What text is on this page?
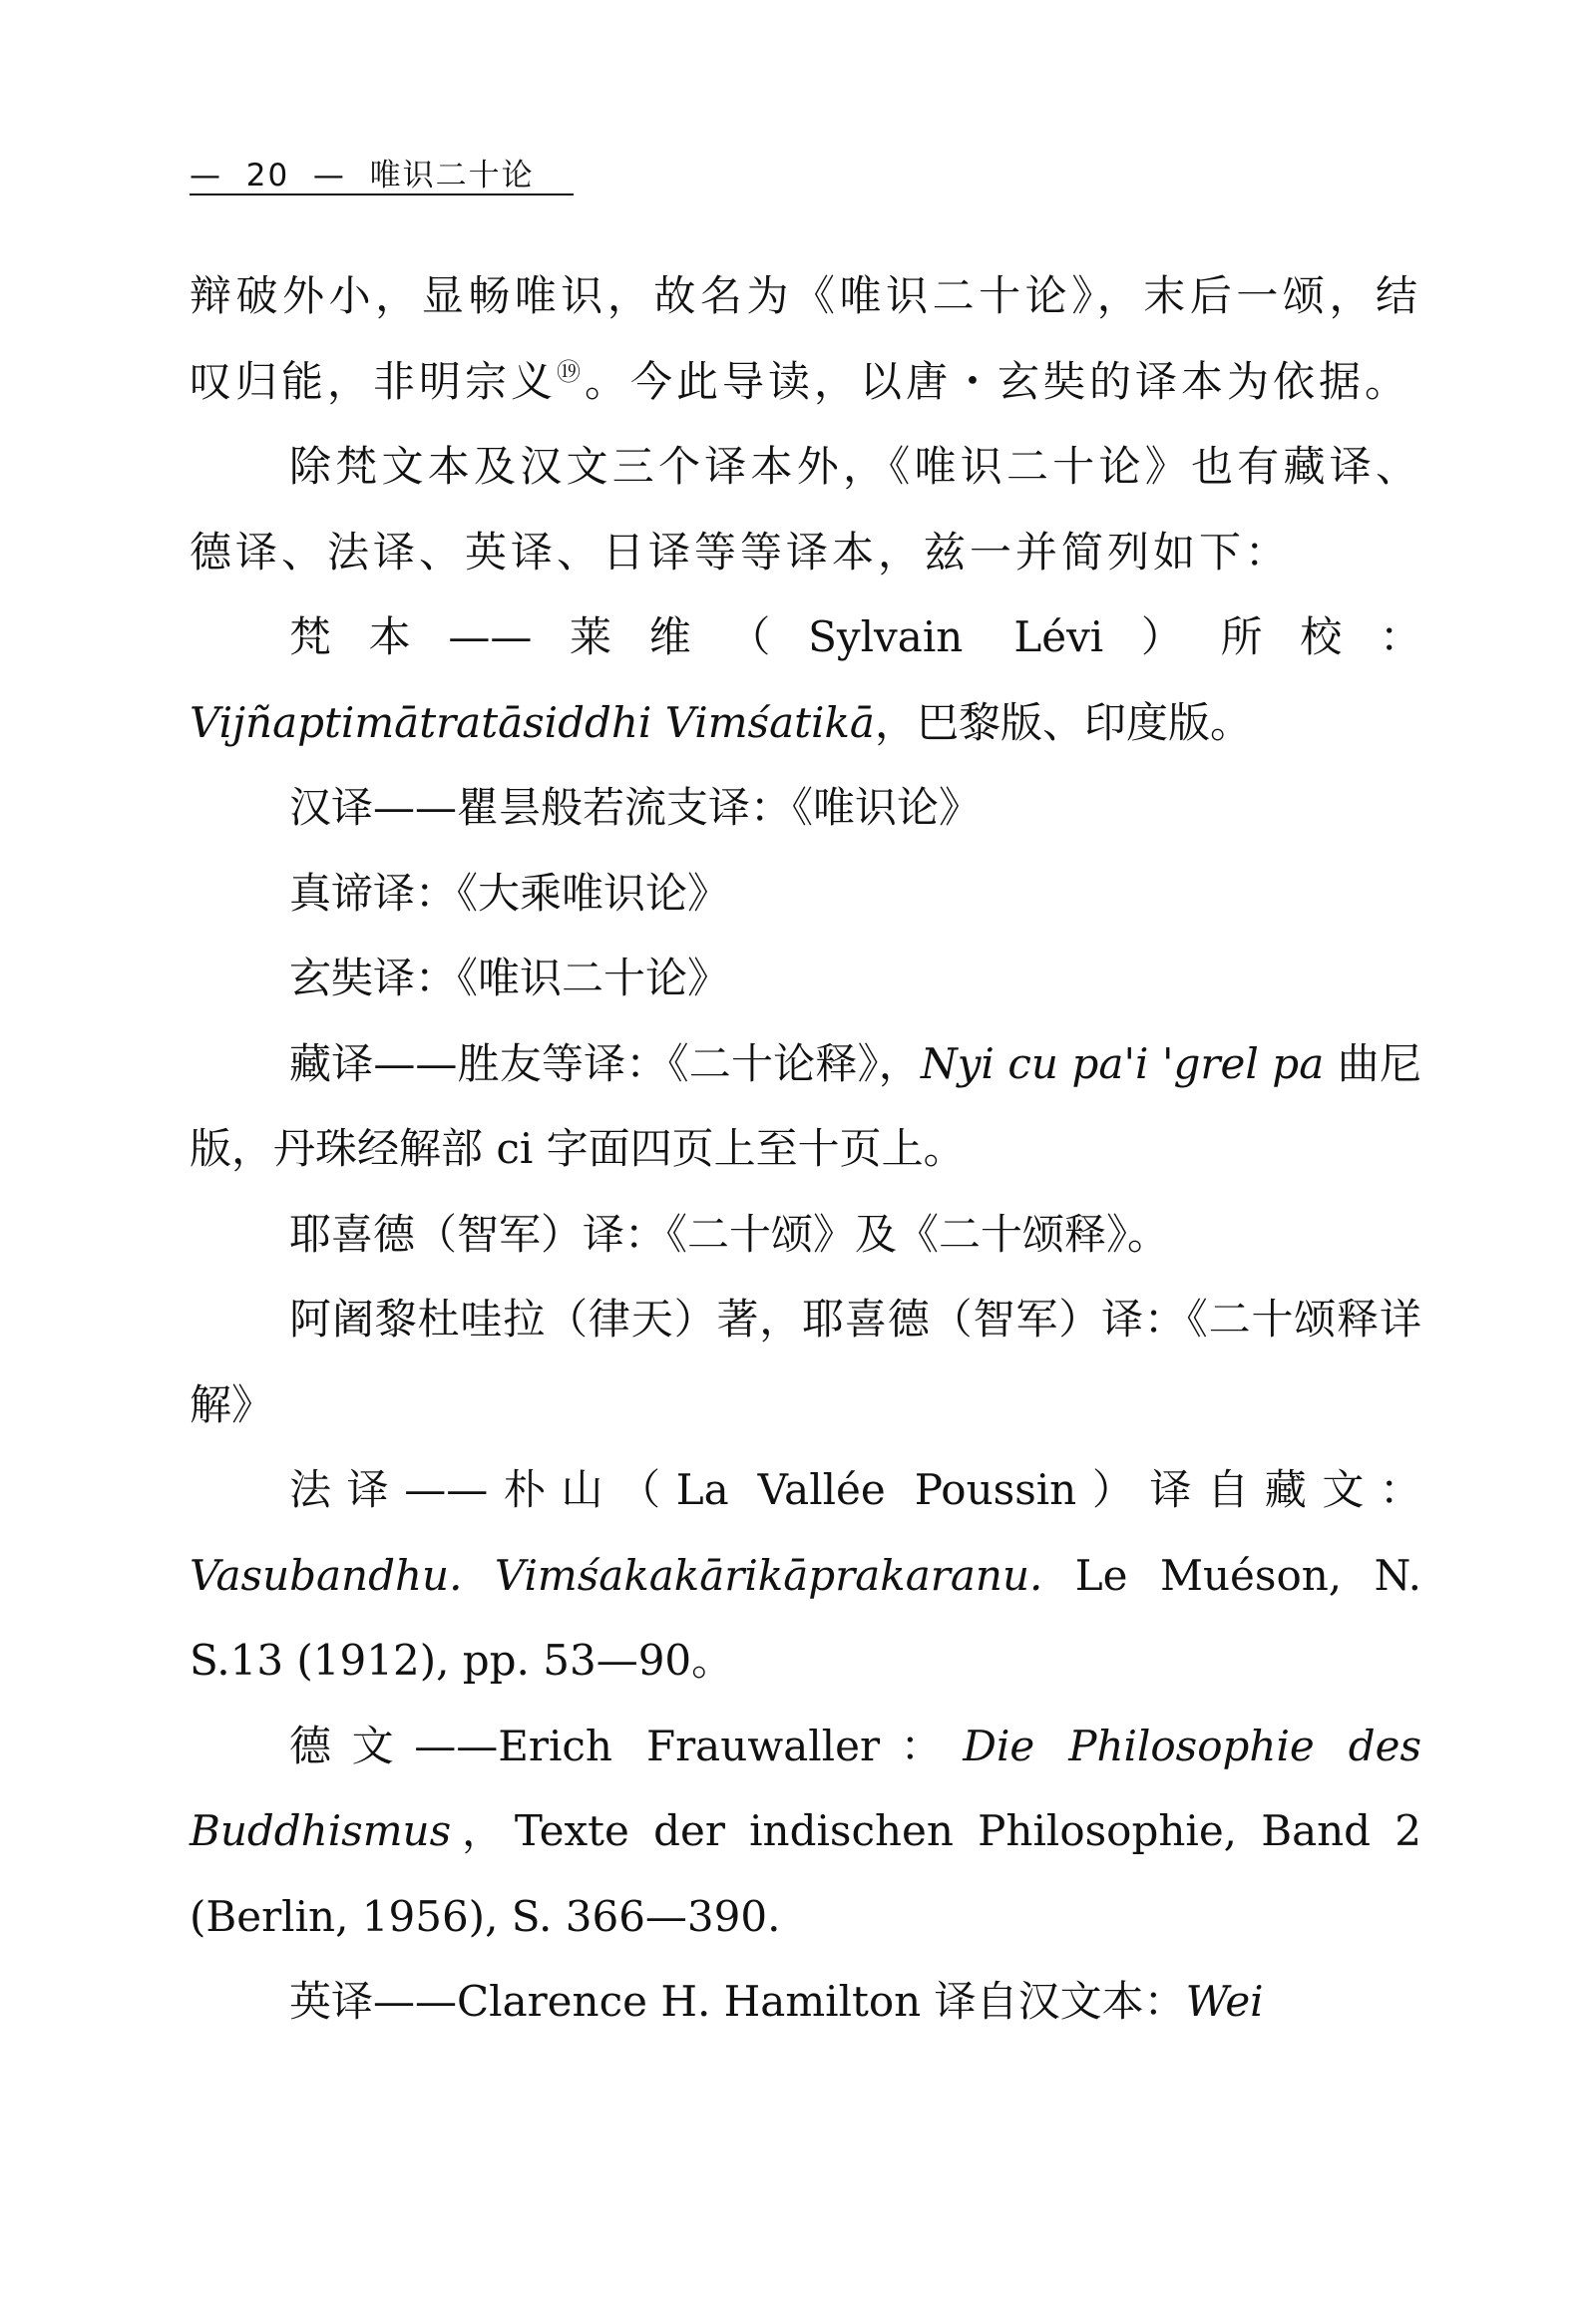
—  20  —  唯识二十论

辩破外小，显畅唯识，故名为《唯识二十论》，末后一颂，结叹归能，非明宗义⑲。今此导读，以唐・玄奘的译本为依据。

除梵文本及汉文三个译本外，《唯识二十论》也有藏译、德译、法译、英译、日译等等译本，兹一并简列如下：

梵本——莱维（Sylvain Lévi）所校：Vijñaptimātratāsiddhi Vimśatikā，巴黎版、印度版。

汉译——瞿昙般若流支译：《唯识论》

真谛译：《大乘唯识论》

玄奘译：《唯识二十论》

藏译——胜友等译：《二十论释》，Nyi cu pa'i 'grel pa 曲尼版，丹珠经解部 ci 字面四页上至十页上。

耶喜德（智军）译：《二十颂》及《二十颂释》。

阿阇黎杜哇拉（律天）著，耶喜德（智军）译：《二十颂释详解》

法译——朴山（La Vallée Poussin）译自藏文：Vasubandhu. Vimśakakārikāprakaranu. Le Muéson, N. S.13 (1912), pp. 53—90。

德文——Erich Frauwaller：Die Philosophie des Buddhismus，Texte der indischen Philosophie, Band 2 (Berlin, 1956), S. 366—390.

英译——Clarence H. Hamilton 译自汉文本：Wei
